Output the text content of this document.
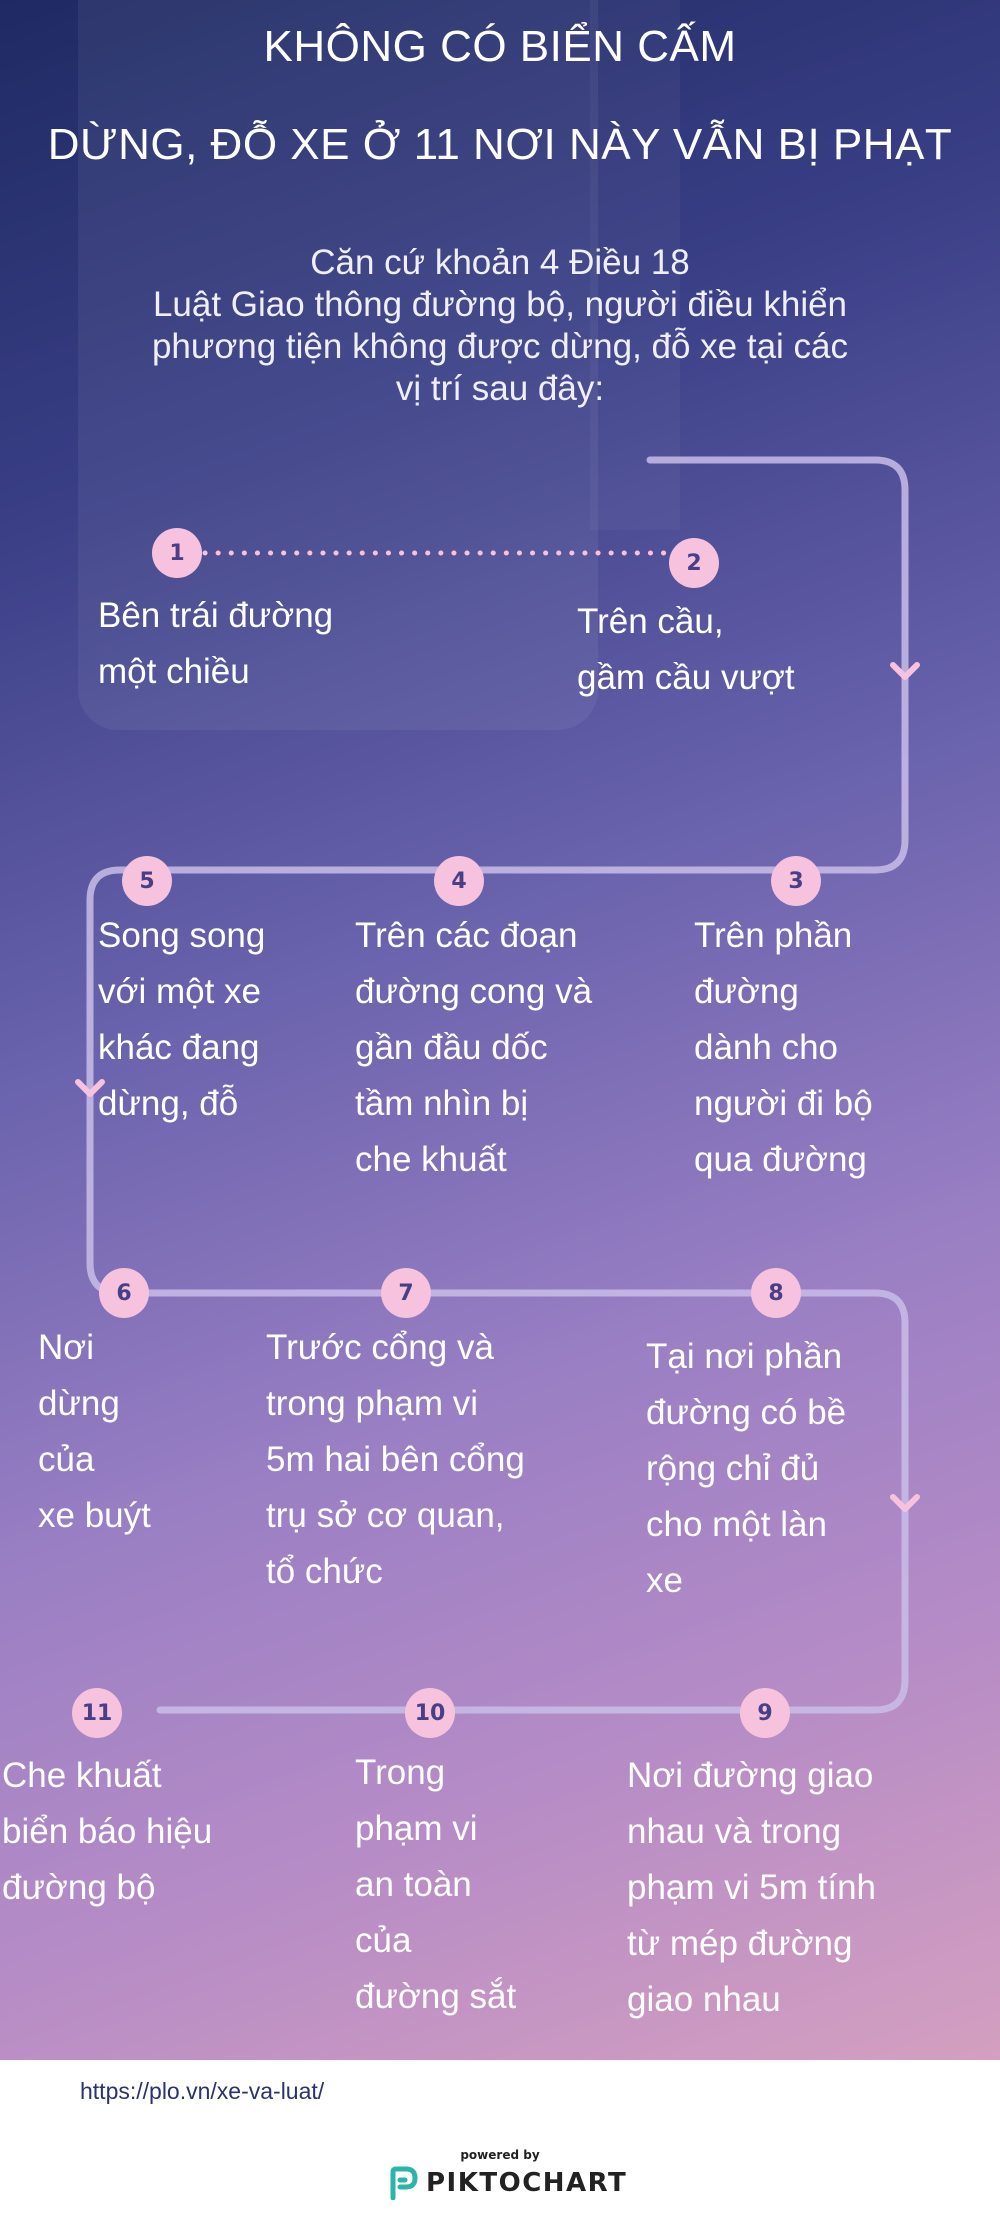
KHÔNG CÓ BIỂN CẤM
DỪNG, ĐỖ XE Ở 11 NƠI NÀY VẪN BỊ PHẠT
Căn cứ khoản 4 Điều 18
Luật Giao thông đường bộ, người điều khiển
phương tiện không được dừng, đỗ xe tại các
vị trí sau đây:
1	2
3
4
5
6	7	8
9
10
11
Bên trái đường
một chiều
Trên cầu,
gầm cầu vượt
Trên phần
đường
dành cho
người đi bộ
qua đường
Trên các đoạn
đường cong và
gần đầu dốc
tầm nhìn bị
che khuất
Song song
với một xe
khác đang
dừng, đỗ
Nơi
dừng
của
xe buýt
Trước cổng và
trong phạm vi
5m hai bên cổng
trụ sở cơ quan,
tổ chức
Tại nơi phần
đường có bề
rộng chỉ đủ
cho một làn
xe
Nơi đường giao
nhau và trong
phạm vi 5m tính
từ mép đường
giao nhau
Trong
phạm vi
an toàn
của
đường sắt
Che khuất
biển báo hiệu
đường bộ
https://plo.vn/xe-va-luat/
powered by
PIKTOCHART
